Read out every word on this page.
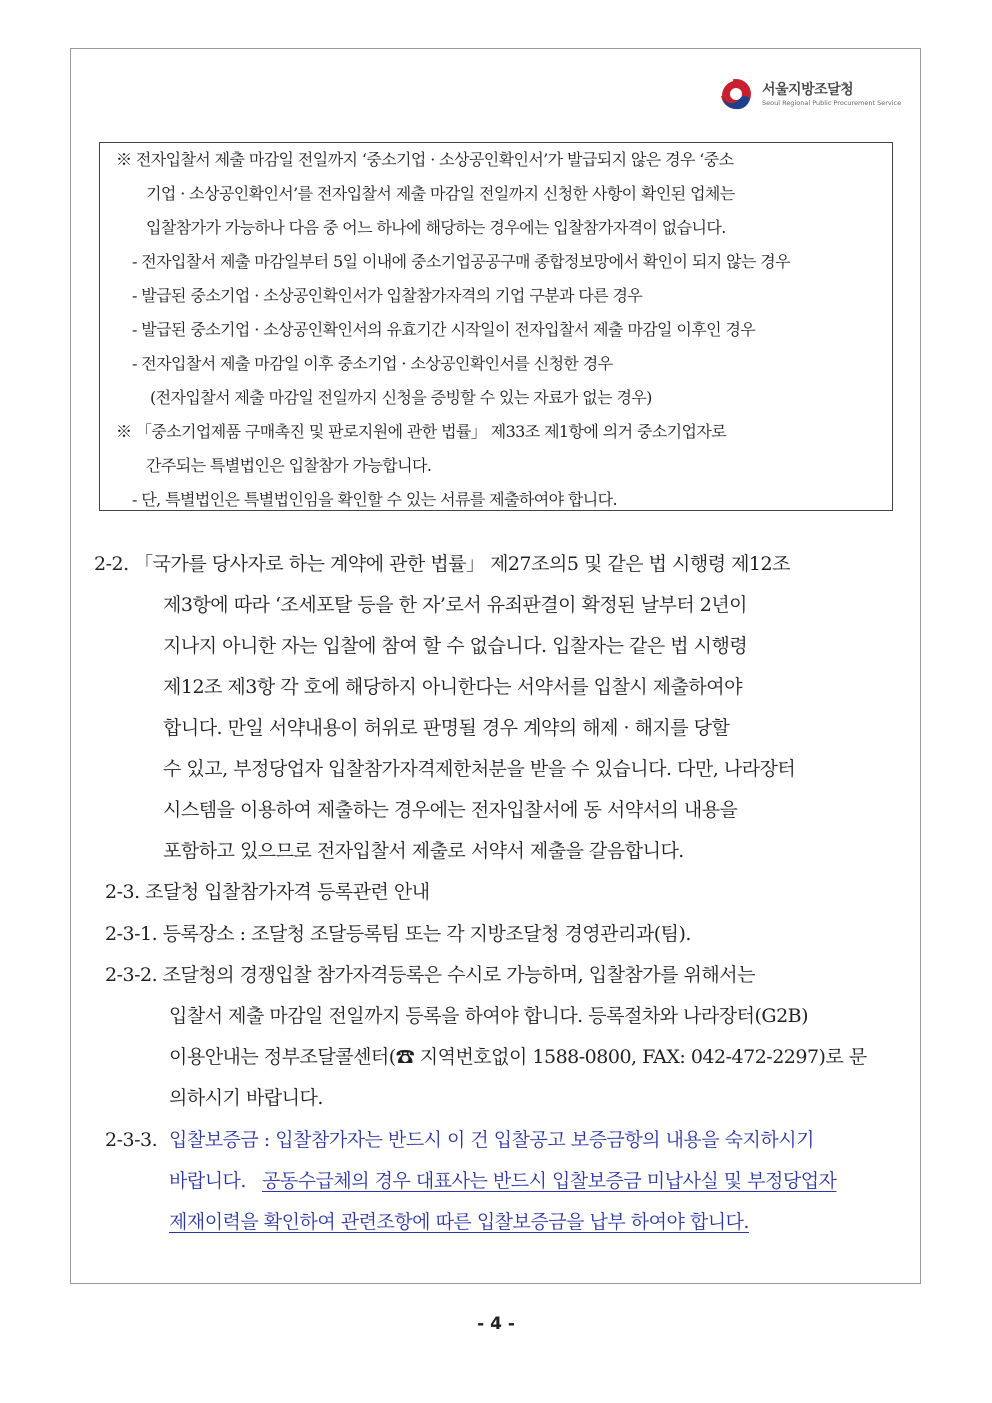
서울지방조달청
Seoul Regional Public Procurement Service
※ 전자입찰서 제출 마감일 전일까지 ‘중소기업 · 소상공인확인서’가 발급되지 않은 경우 ‘중소
기업 · 소상공인확인서’를 전자입찰서 제출 마감일 전일까지 신청한 사항이 확인된 업체는
입찰참가가 가능하나 다음 중 어느 하나에 해당하는 경우에는 입찰참가자격이 없습니다.
- 전자입찰서 제출 마감일부터 5일 이내에 중소기업공공구매 종합정보망에서 확인이 되지 않는 경우
- 발급된 중소기업 · 소상공인확인서가 입찰참가자격의 기업 구분과 다른 경우
- 발급된 중소기업 · 소상공인확인서의 유효기간 시작일이 전자입찰서 제출 마감일 이후인 경우
- 전자입찰서 제출 마감일 이후 중소기업 · 소상공인확인서를 신청한 경우
(전자입찰서 제출 마감일 전일까지 신청을 증빙할 수 있는 자료가 없는 경우)
※ 「중소기업제품 구매촉진 및 판로지원에 관한 법률」 제33조 제1항에 의거 중소기업자로
간주되는 특별법인은 입찰참가 가능합니다.
- 단, 특별법인은 특별법인임을 확인할 수 있는 서류를 제출하여야 합니다.
2-2. 「국가를 당사자로 하는 계약에 관한 법률」 제27조의5 및 같은 법 시행령 제12조
제3항에 따라 ‘조세포탈 등을 한 자’로서 유죄판결이 확정된 날부터 2년이
지나지 아니한 자는 입찰에 참여 할 수 없습니다. 입찰자는 같은 법 시행령
제12조 제3항 각 호에 해당하지 아니한다는 서약서를 입찰시 제출하여야
합니다. 만일 서약내용이 허위로 판명될 경우 계약의 해제 · 해지를 당할
수 있고, 부정당업자 입찰참가자격제한처분을 받을 수 있습니다. 다만, 나라장터
시스템을 이용하여 제출하는 경우에는 전자입찰서에 동 서약서의 내용을
포함하고 있으므로 전자입찰서 제출로 서약서 제출을 갈음합니다.
2-3. 조달청 입찰참가자격 등록관련 안내
2-3-1. 등록장소 : 조달청 조달등록팀 또는 각 지방조달청 경영관리과(팀).
2-3-2. 조달청의 경쟁입찰 참가자격등록은 수시로 가능하며, 입찰참가를 위해서는
입찰서 제출 마감일 전일까지 등록을 하여야 합니다. 등록절차와 나라장터(G2B)
이용안내는 정부조달콜센터(☎ 지역번호없이 1588-0800, FAX: 042-472-2297)로 문
의하시기 바랍니다.
2-3-3. 입찰보증금 : 입찰참가자는 반드시 이 건 입찰공고 보증금항의 내용을 숙지하시기
바랍니다. 공동수급체의 경우 대표사는 반드시 입찰보증금 미납사실 및 부정당업자
제재이력을 확인하여 관련조항에 따른 입찰보증금을 납부 하여야 합니다.
- 4 -
